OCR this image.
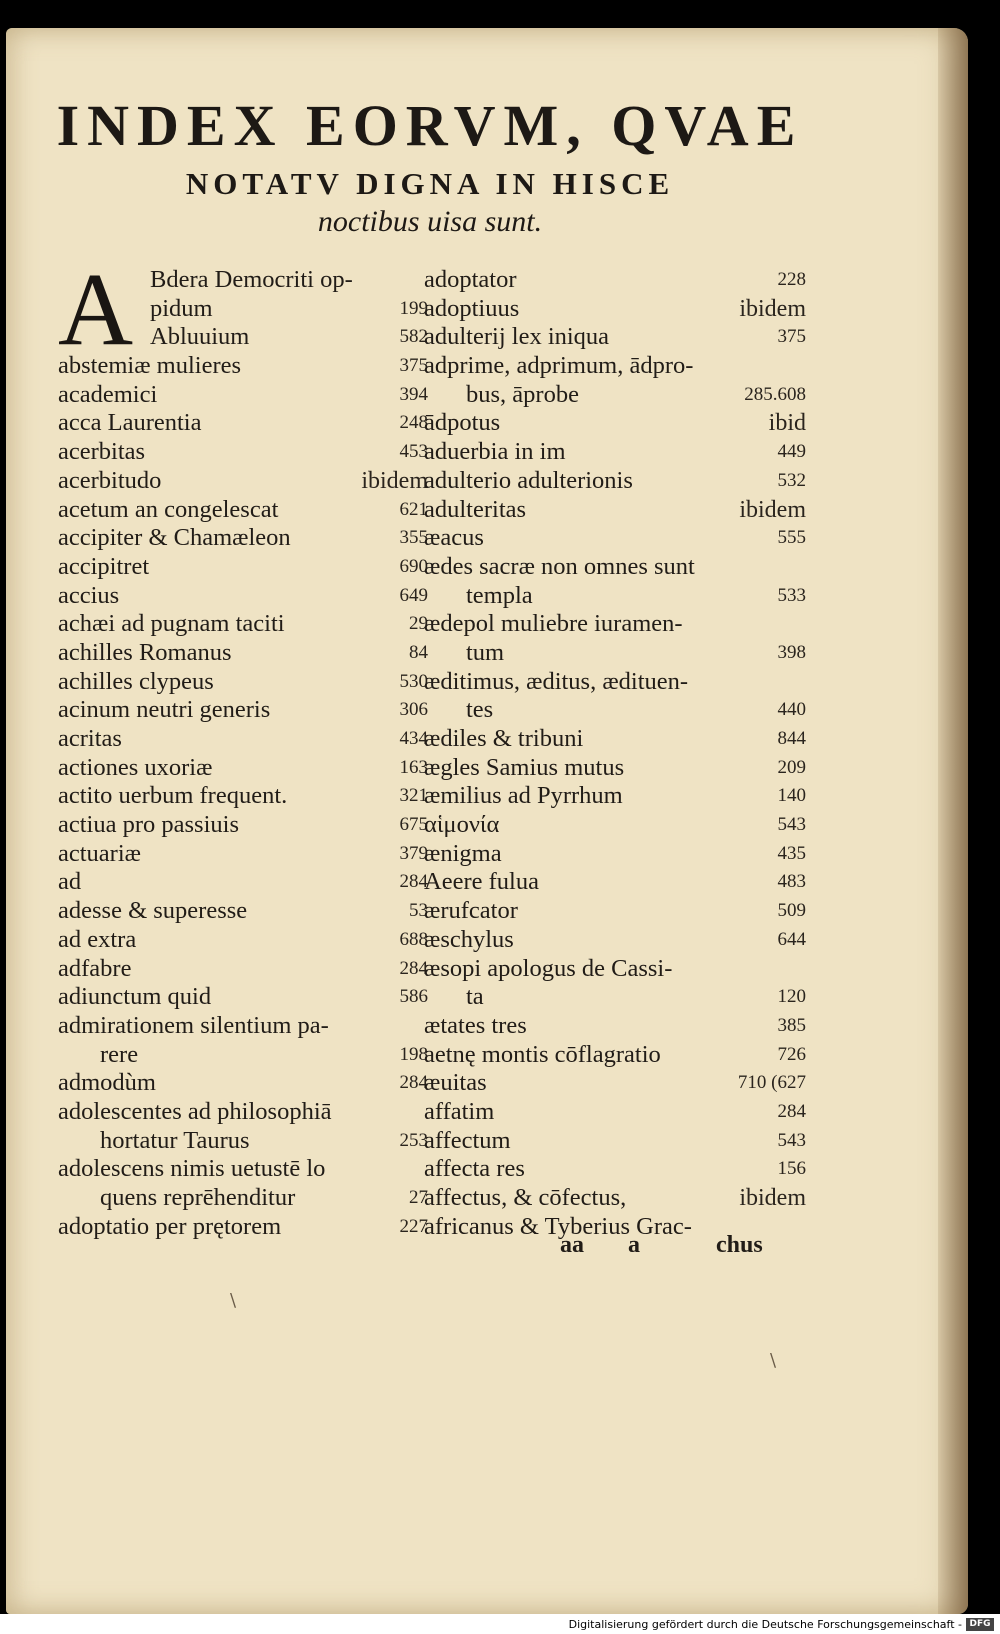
INDEX EORVM, QVAE
NOTATV DIGNA IN HISCE
noctibus uisa sunt.
A Bdera Democriti op-
pidum	199
Abluuium	582
abstemiæ mulieres	375
academici	394
acca Laurentia	248
acerbitas	453
acerbitudo	ibidem
acetum an congelescat	621
accipiter & Chamæleon	355
accipitret	690
accius	649
achæi ad pugnam taciti	29
achilles Romanus	84
achilles clypeus	530
acinum neutri generis	306
acritas	434
actiones uxoriæ	163
actito uerbum frequent.	321
actiua pro passiuis	675
actuariæ	379
ad	284
adesse & superesse	53
ad extra	688
adfabre	284
adiunctum quid	586
admirationem silentium pa-
rere	198
admodùm	284
adolescentes ad philosophiā
hortatur Taurus	253
adolescens nimis uetustē lo
quens reprēhenditur	27
adoptatio per prętorem	227
adoptator	228
adoptiuus	ibidem
adulterij lex iniqua	375
adprime, adprimum, ādpro-
bus, āprobe	285.608
ādpotus	ibid
aduerbia in im	449
adulterio adulterionis	532
adulteritas	ibidem
æacus	555
ædes sacræ non omnes sunt
templa	533
ædepol muliebre iuramen-
tum	398
æditimus, æditus, ædituen-
tes	440
ædiles & tribuni	844
ægles Samius mutus	209
æmilius ad Pyrrhum	140
αἱμονία	543
ænigma	435
Aeere fulua	483
ærufcator	509
æschylus	644
æsopi apologus de Cassi-
ta	120
ætates tres	385
aetnę montis cōflagratio	726
æuitas	710 (627
affatim	284
affectum	543
affecta res	156
affectus, & cōfectus,	ibidem
africanus & Tyberius Grac-
aa a	chus
\
\
Digitalisierung gefördert durch die Deutsche Forschungsgemeinschaft - DFG
